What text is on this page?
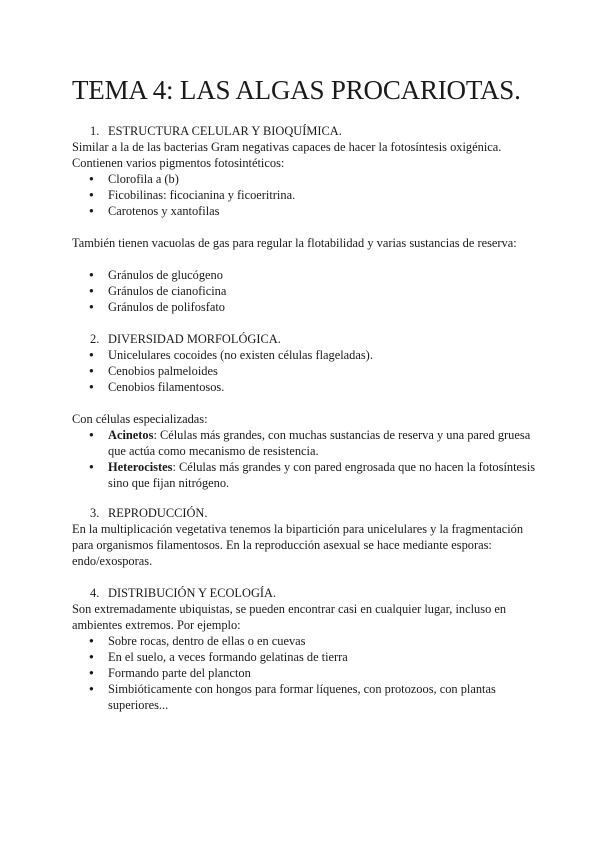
TEMA 4: LAS ALGAS PROCARIOTAS.
1. ESTRUCTURA CELULAR Y BIOQUÍMICA.

Similar a la de las bacterias Gram negativas capaces de hacer la fotosíntesis oxigénica. Contienen varios pigmentos fotosintéticos:

● Clorofila a (b)
● Ficobilinas: ficocianina y ficoeritrina.
● Carotenos y xantofilas

También tienen vacuolas de gas para regular la flotabilidad y varias sustancias de reserva:

● Gránulos de glucógeno
● Gránulos de cianoficina
● Gránulos de polifosfato
2. DIVERSIDAD MORFOLÓGICA.
● Unicelulares cocoides (no existen células flageladas).
● Cenobios palmeloides
● Cenobios filamentosos.

Con células especializadas:

● Acinetos: Células más grandes, con muchas sustancias de reserva y una pared gruesa que actúa como mecanismo de resistencia.
● Heterocistes: Células más grandes y con pared engrosada que no hacen la fotosíntesis sino que fijan nitrógeno.
3. REPRODUCCIÓN.

En la multiplicación vegetativa tenemos la bipartición para unicelulares y la fragmentación para organismos filamentosos. En la reproducción asexual se hace mediante esporas: endo/exosporas.

4. DISTRIBUCIÓN Y ECOLOGÍA.

Son extremadamente ubiquistas, se pueden encontrar casi en cualquier lugar, incluso en ambientes extremos. Por ejemplo:

● Sobre rocas, dentro de ellas o en cuevas
● En el suelo, a veces formando gelatinas de tierra
● Formando parte del plancton
● Simbióticamente con hongos para formar líquenes, con protozoos, con plantas superiores...
